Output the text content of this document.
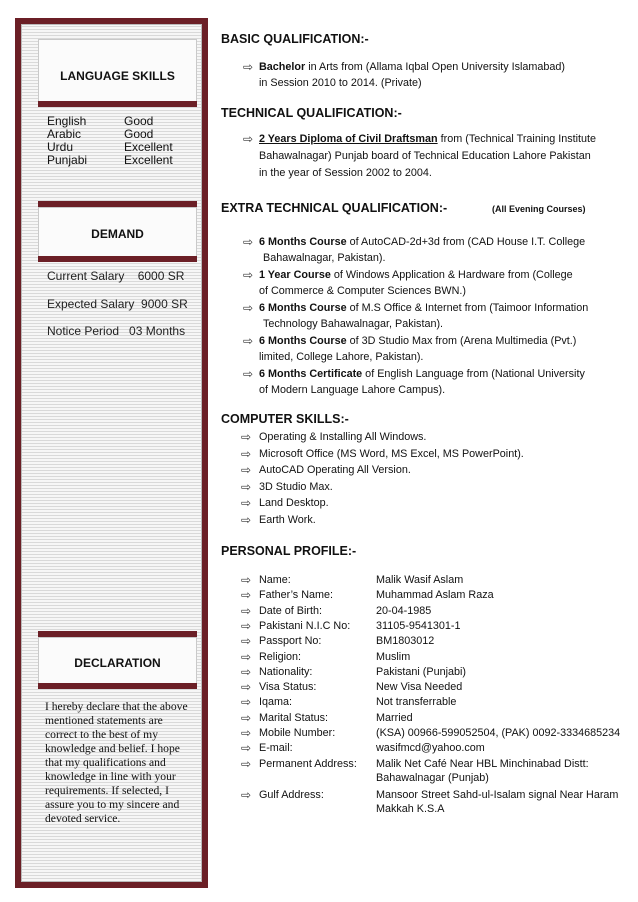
LANGUAGE SKILLS
English	Good
Arabic	Good
Urdu	Excellent
Punjabi	Excellent
DEMAND
Current Salary    6000 SR
Expected Salary  9000 SR
Notice Period   03 Months
DECLARATION
I hereby declare that the above mentioned statements are correct to the best of my knowledge and belief. I hope that my qualifications and knowledge in line with your requirements. If selected, I assure you to my sincere and devoted service.
BASIC QUALIFICATION:-
⇨ Bachelor in Arts from (Allama Iqbal Open University Islamabad)
in Session 2010 to 2014. (Private)
TECHNICAL QUALIFICATION:-
⇨ 2 Years Diploma of Civil Draftsman from (Technical Training Institute
Bahawalnagar) Punjab board of Technical Education Lahore Pakistan
in the year of Session 2002 to 2004.
EXTRA TECHNICAL QUALIFICATION:-	(All Evening Courses)
⇨ 6 Months Course of AutoCAD-2d+3d from (CAD House I.T. College
Bahawalnagar, Pakistan).
⇨ 1 Year Course of Windows Application & Hardware from (College
of Commerce & Computer Sciences BWN.)
⇨ 6 Months Course of M.S Office & Internet from (Taimoor Information
Technology Bahawalnagar, Pakistan).
⇨ 6 Months Course of 3D Studio Max from (Arena Multimedia (Pvt.)
limited, College Lahore, Pakistan).
⇨ 6 Months Certificate of English Language from (National University
of Modern Language Lahore Campus).
COMPUTER SKILLS:-
⇨ Operating & Installing All Windows.
⇨ Microsoft Office (MS Word, MS Excel, MS PowerPoint).
⇨ AutoCAD Operating All Version.
⇨ 3D Studio Max.
⇨ Land Desktop.
⇨ Earth Work.
PERSONAL PROFILE:-
⇨ Name:	Malik Wasif Aslam
⇨ Father’s Name:	Muhammad Aslam Raza
⇨ Date of Birth:	20-04-1985
⇨ Pakistani N.I.C No: 31105-9541301-1
⇨ Passport No:	BM1803012
⇨ Religion:	Muslim
⇨ Nationality:	Pakistani (Punjabi)
⇨ Visa Status:	New Visa Needed
⇨ Iqama:	Not transferrable
⇨ Marital Status:	Married
⇨ Mobile Number:	(KSA) 00966-599052504, (PAK) 0092-3334685234
⇨ E-mail:	wasifmcd@yahoo.com
⇨ Permanent Address: Malik Net Café Near HBL Minchinabad Distt:
Bahawalnagar (Punjab)
⇨ Gulf Address:	Mansoor Street Sahd-ul-Isalam signal Near Haram
Makkah K.S.A
